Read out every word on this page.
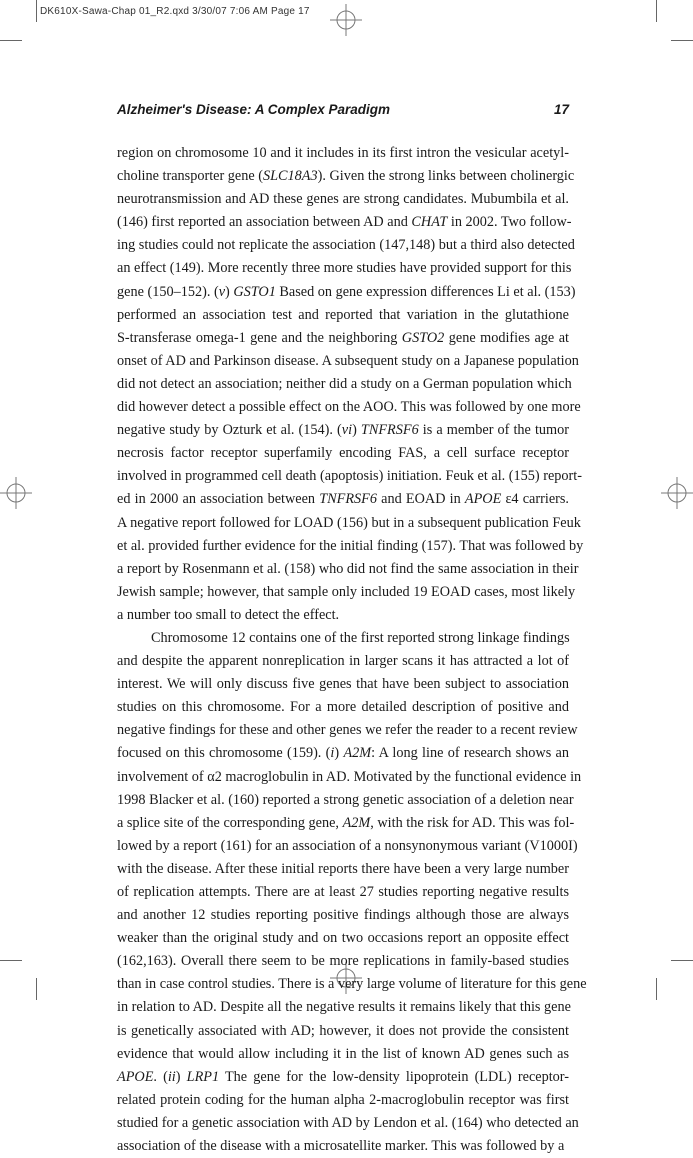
DK610X-Sawa-Chap 01_R2.qxd 3/30/07 7:06 AM Page 17
Alzheimer's Disease: A Complex Paradigm	17

region on chromosome 10 and it includes in its first intron the vesicular acetyl-
choline transporter gene (SLC18A3). Given the strong links between cholinergic
neurotransmission and AD these genes are strong candidates. Mubumbila et al.
(146) first reported an association between AD and CHAT in 2002. Two follow-
ing studies could not replicate the association (147,148) but a third also detected
an effect (149). More recently three more studies have provided support for this
gene (150–152). (v) GSTO1 Based on gene expression differences Li et al. (153)
performed an association test and reported that variation in the glutathione
S-transferase omega-1 gene and the neighboring GSTO2 gene modifies age at
onset of AD and Parkinson disease. A subsequent study on a Japanese population
did not detect an association; neither did a study on a German population which
did however detect a possible effect on the AOO. This was followed by one more
negative study by Ozturk et al. (154). (vi) TNFRSF6 is a member of the tumor
necrosis factor receptor superfamily encoding FAS, a cell surface receptor
involved in programmed cell death (apoptosis) initiation. Feuk et al. (155) report-
ed in 2000 an association between TNFRSF6 and EOAD in APOE ε4 carriers.
A negative report followed for LOAD (156) but in a subsequent publication Feuk
et al. provided further evidence for the initial finding (157). That was followed by
a report by Rosenmann et al. (158) who did not find the same association in their
Jewish sample; however, that sample only included 19 EOAD cases, most likely
a number too small to detect the effect.

Chromosome 12 contains one of the first reported strong linkage findings
and despite the apparent nonreplication in larger scans it has attracted a lot of
interest. We will only discuss five genes that have been subject to association
studies on this chromosome. For a more detailed description of positive and
negative findings for these and other genes we refer the reader to a recent review
focused on this chromosome (159). (i) A2M: A long line of research shows an
involvement of α2 macroglobulin in AD. Motivated by the functional evidence in
1998 Blacker et al. (160) reported a strong genetic association of a deletion near
a splice site of the corresponding gene, A2M, with the risk for AD. This was fol-
lowed by a report (161) for an association of a nonsynonymous variant (V1000I)
with the disease. After these initial reports there have been a very large number
of replication attempts. There are at least 27 studies reporting negative results
and another 12 studies reporting positive findings although those are always
weaker than the original study and on two occasions report an opposite effect
(162,163). Overall there seem to be more replications in family-based studies
than in case control studies. There is a very large volume of literature for this gene
in relation to AD. Despite all the negative results it remains likely that this gene
is genetically associated with AD; however, it does not provide the consistent
evidence that would allow including it in the list of known AD genes such as
APOE. (ii) LRP1 The gene for the low-density lipoprotein (LDL) receptor-
related protein coding for the human alpha 2-macroglobulin receptor was first
studied for a genetic association with AD by Lendon et al. (164) who detected an
association of the disease with a microsatellite marker. This was followed by a
